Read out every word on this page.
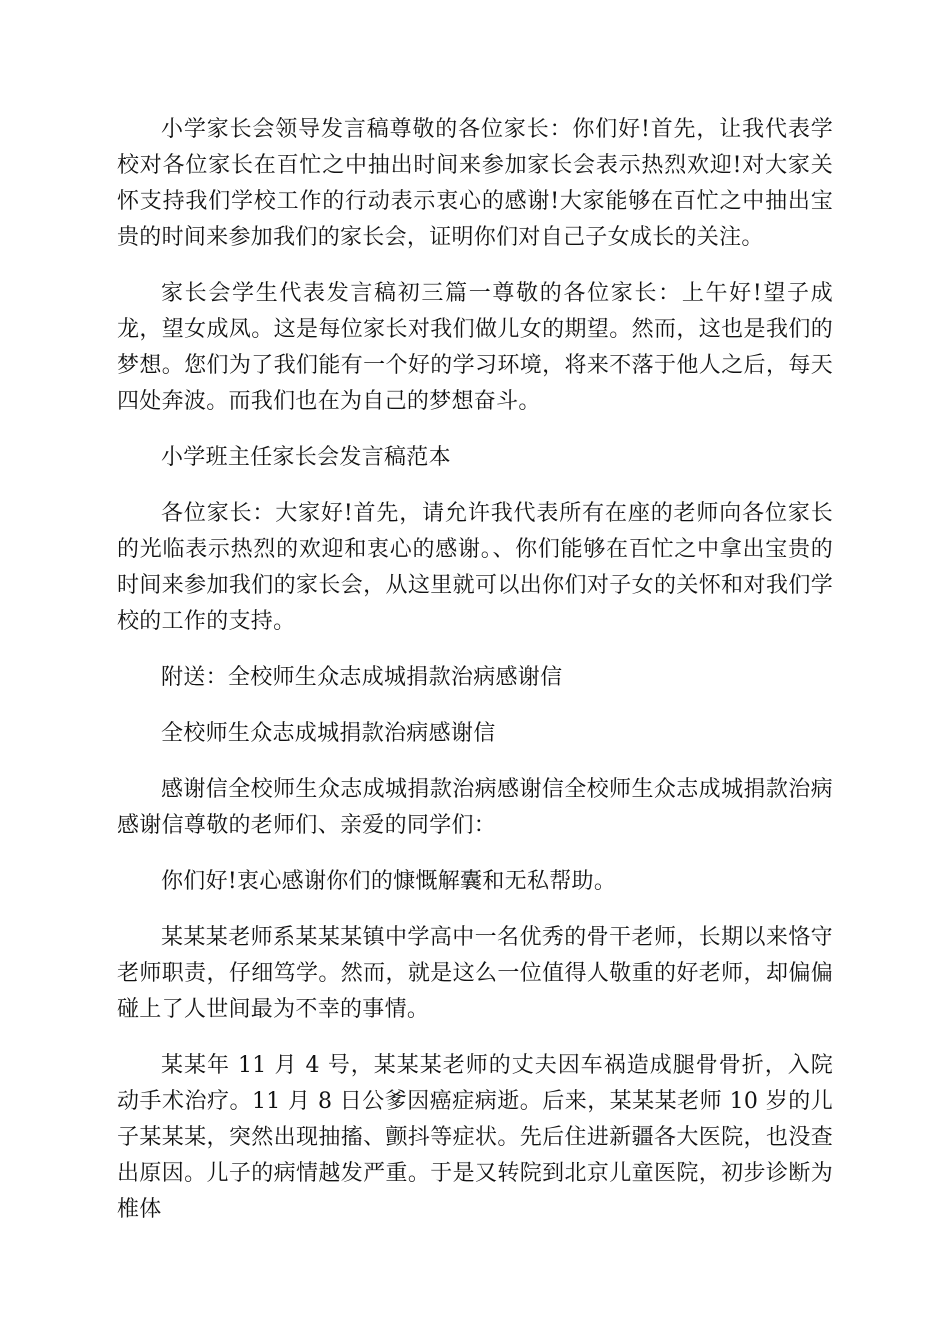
小学家长会领导发言稿尊敬的各位家长：你们好!首先，让我代表学校对各位家长在百忙之中抽出时间来参加家长会表示热烈欢迎!对大家关怀支持我们学校工作的行动表示衷心的感谢!大家能够在百忙之中抽出宝贵的时间来参加我们的家长会，证明你们对自己子女成长的关注。

家长会学生代表发言稿初三篇一尊敬的各位家长：上午好!望子成龙，望女成凤。这是每位家长对我们做儿女的期望。然而，这也是我们的梦想。您们为了我们能有一个好的学习环境，将来不落于他人之后，每天四处奔波。而我们也在为自己的梦想奋斗。

小学班主任家长会发言稿范本

各位家长：大家好!首先，请允许我代表所有在座的老师向各位家长的光临表示热烈的欢迎和衷心的感谢。、你们能够在百忙之中拿出宝贵的时间来参加我们的家长会，从这里就可以出你们对子女的关怀和对我们学校的工作的支持。

附送：全校师生众志成城捐款治病感谢信

全校师生众志成城捐款治病感谢信

感谢信全校师生众志成城捐款治病感谢信全校师生众志成城捐款治病感谢信尊敬的老师们、亲爱的同学们：

你们好!衷心感谢你们的慷慨解囊和无私帮助。

某某某老师系某某某镇中学高中一名优秀的骨干老师，长期以来恪守老师职责，仔细笃学。然而，就是这么一位值得人敬重的好老师，却偏偏碰上了人世间最为不幸的事情。

某某年 11 月 4 号，某某某老师的丈夫因车祸造成腿骨骨折，入院动手术治疗。11 月 8 日公爹因癌症病逝。后来，某某某老师 10 岁的儿子某某某，突然出现抽搐、颤抖等症状。先后住进新疆各大医院，也没查出原因。儿子的病情越发严重。于是又转院到北京儿童医院，初步诊断为椎体
